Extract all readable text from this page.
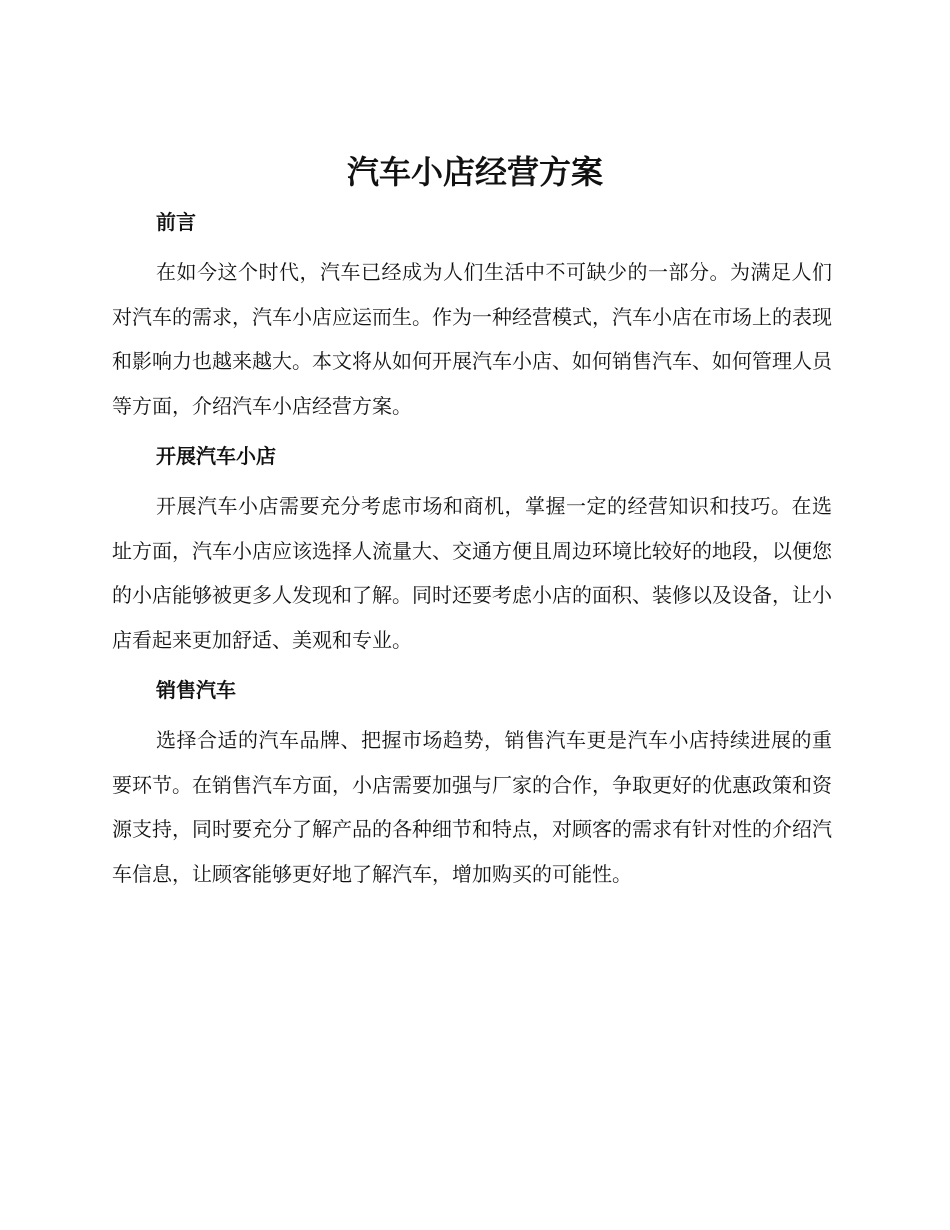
汽车小店经营方案
前言

在如今这个时代，汽车已经成为人们生活中不可缺少的一部分。为满足人们对汽车的需求，汽车小店应运而生。作为一种经营模式，汽车小店在市场上的表现和影响力也越来越大。本文将从如何开展汽车小店、如何销售汽车、如何管理人员等方面，介绍汽车小店经营方案。

开展汽车小店

开展汽车小店需要充分考虑市场和商机，掌握一定的经营知识和技巧。在选址方面，汽车小店应该选择人流量大、交通方便且周边环境比较好的地段，以便您的小店能够被更多人发现和了解。同时还要考虑小店的面积、装修以及设备，让小店看起来更加舒适、美观和专业。

销售汽车

选择合适的汽车品牌、把握市场趋势，销售汽车更是汽车小店持续进展的重要环节。在销售汽车方面，小店需要加强与厂家的合作，争取更好的优惠政策和资源支持，同时要充分了解产品的各种细节和特点，对顾客的需求有针对性的介绍汽车信息，让顾客能够更好地了解汽车，增加购买的可能性。
